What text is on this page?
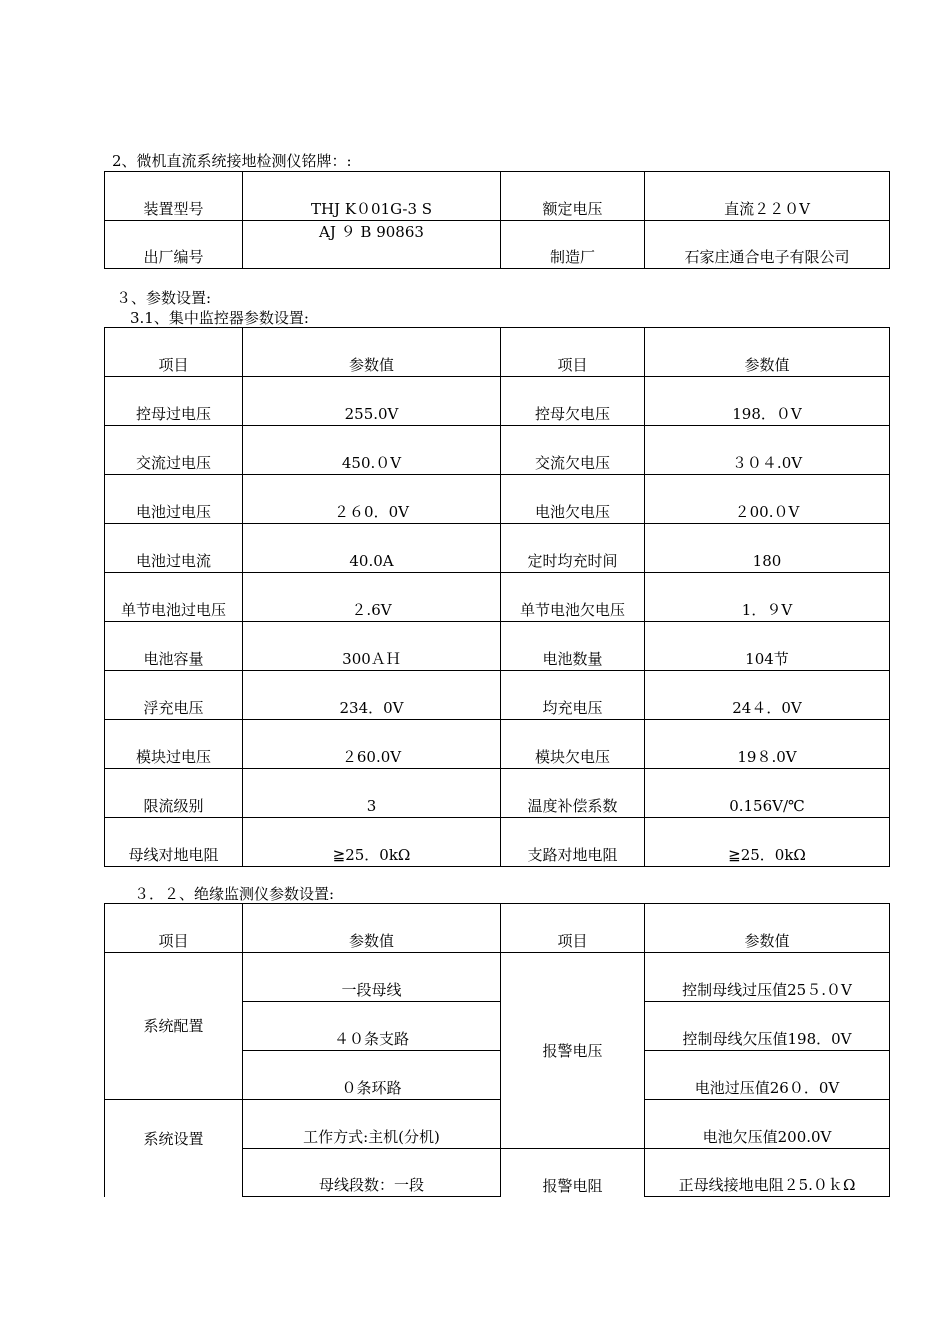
2、微机直流系统接地检测仪铭牌：:
装置型号	THJ K０01G-3 S	额定电压	直流２２０V
出厂编号	AJ ９ B 90863	制造厂	石家庄通合电子有限公司
３、参数设置:
3.1、集中监控器参数设置:
项目	参数值	项目	参数值
控母过电压	255.0V	控母欠电压	198．０V
交流过电压	450.０V	交流欠电压	３０４.0V
电池过电压	２６0．0V	电池欠电压	２00.０V
电池过电流	40.0A	定时均充时间	180
单节电池过电压	２.6V	单节电池欠电压	1．９V
电池容量	300ＡＨ	电池数量	104节
浮充电压	234．0V	均充电压	24４．0V
模块过电压	２60.0V	模块欠电压	19８.0V
限流级别	3	温度补偿系数	0.156V/℃
母线对地电阻	≧25．0kΩ	支路对地电阻	≧25．0kΩ
３．２、绝缘监测仪参数设置:
项目	参数值	项目	参数值
系统配置	一段母线	报警电压	控制母线过压值25５.０V
	４０条支路		控制母线欠压值198．0V
	０条环路		电池过压值26０．0V
系统设置	工作方式:主机(分机)		电池欠压值200.0V
	母线段数：一段	报警电阻	正母线接地电阻２5.０ｋΩ
